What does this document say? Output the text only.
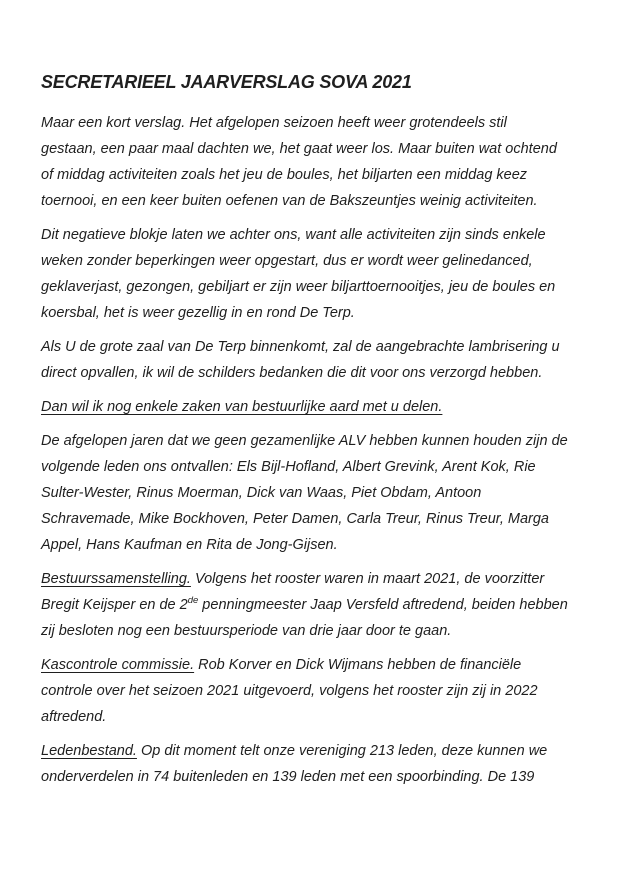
SECRETARIEEL JAARVERSLAG SOVA 2021
Maar een kort verslag. Het afgelopen seizoen heeft weer grotendeels stil
gestaan, een paar maal dachten we, het gaat weer los. Maar buiten wat ochtend
of middag activiteiten zoals het jeu de boules, het biljarten een middag keez
toernooi, en een keer buiten oefenen van de Bakszeuntjes weinig activiteiten.
Dit negatieve blokje laten we achter ons, want alle activiteiten zijn sinds enkele
weken zonder beperkingen weer opgestart, dus er wordt weer gelinedanced,
geklaverjast, gezongen, gebiljart er zijn weer biljarttoernooitjes, jeu de boules en
koersbal, het is weer gezellig in en rond De Terp.
Als U de grote zaal van De Terp binnenkomt, zal de aangebrachte lambrisering u
direct opvallen, ik wil de schilders bedanken die dit voor ons verzorgd hebben.
Dan wil ik nog enkele zaken van bestuurlijke aard met u delen.
De afgelopen jaren dat we geen gezamenlijke ALV hebben kunnen houden zijn de
volgende leden ons ontvallen: Els Bijl-Hofland, Albert Grevink, Arent Kok, Rie
Sulter-Wester, Rinus Moerman, Dick van Waas, Piet Obdam, Antoon
Schravemade, Mike Bockhoven, Peter Damen, Carla Treur, Rinus Treur, Marga
Appel, Hans Kaufman en Rita de Jong-Gijsen.
Bestuurssamenstelling. Volgens het rooster waren in maart 2021, de voorzitter
Bregit Keijsper en de 2de penningmeester Jaap Versfeld aftredend, beiden hebben
zij besloten nog een bestuursperiode van drie jaar door te gaan.
Kascontrole commissie. Rob Korver en Dick Wijmans hebben de financiële
controle over het seizoen 2021 uitgevoerd, volgens het rooster zijn zij in 2022
aftredend.
Ledenbestand. Op dit moment telt onze vereniging 213 leden, deze kunnen we
onderverdelen in 74 buitenleden en 139 leden met een spoorbinding. De 139
